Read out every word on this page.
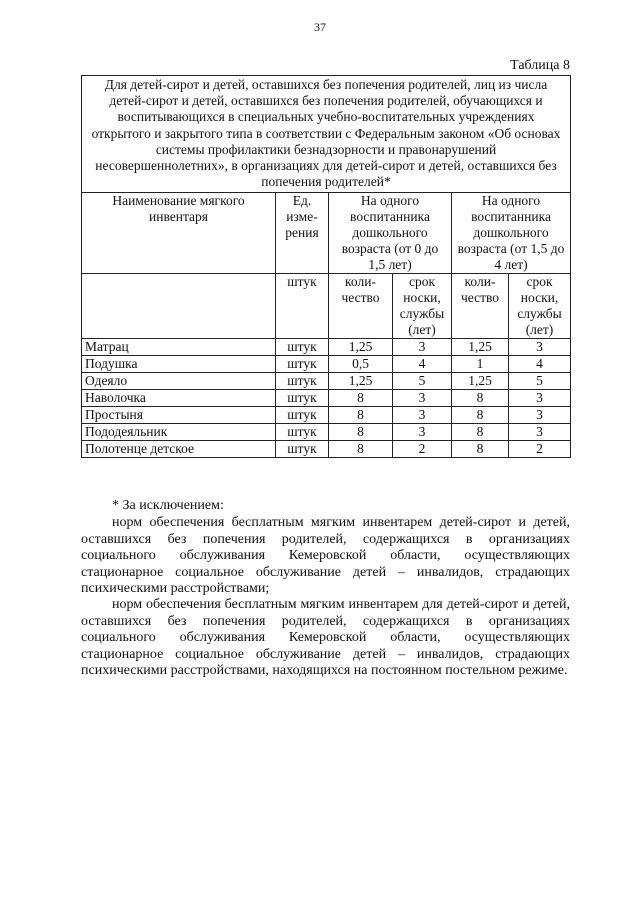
37
Таблица 8
Для детей-сирот и детей, оставшихся без попечения родителей, лиц из числа детей-сирот и детей, оставшихся без попечения родителей, обучающихся и воспитывающихся в специальных учебно-воспитательных учреждениях открытого и закрытого типа в соответствии с Федеральным законом «Об основах системы профилактики безнадзорности и правонарушений несовершеннолетних», в организациях для детей-сирот и детей, оставшихся без попечения родителей*					
Наименование мягкого инвентаря	Ед. изме-рения	На одного воспитанника дошкольного возраста (от 0 до 1,5 лет)		На одного воспитанника дошкольного возраста (от 1,5 до 4 лет)	
	штук	коли-чество	срок носки, службы (лет)	коли-чество	срок носки, службы (лет)
Матрац	штук	1,25	3	1,25	3
Подушка	штук	0,5	4	1	4
Одеяло	штук	1,25	5	1,25	5
Наволочка	штук	8	3	8	3
Простыня	штук	8	3	8	3
Пододеяльник	штук	8	3	8	3
Полотенце детское	штук	8	2	8	2

* За исключением:

норм обеспечения бесплатным мягким инвентарем детей-сирот и детей, оставшихся без попечения родителей, содержащихся в организациях социального обслуживания Кемеровской области, осуществляющих стационарное социальное обслуживание детей – инвалидов, страдающих психическими расстройствами;

норм обеспечения бесплатным мягким инвентарем для детей-сирот и детей, оставшихся без попечения родителей, содержащихся в организациях социального обслуживания Кемеровской области, осуществляющих стационарное социальное обслуживание детей – инвалидов, страдающих психическими расстройствами, находящихся на постоянном постельном режиме.
